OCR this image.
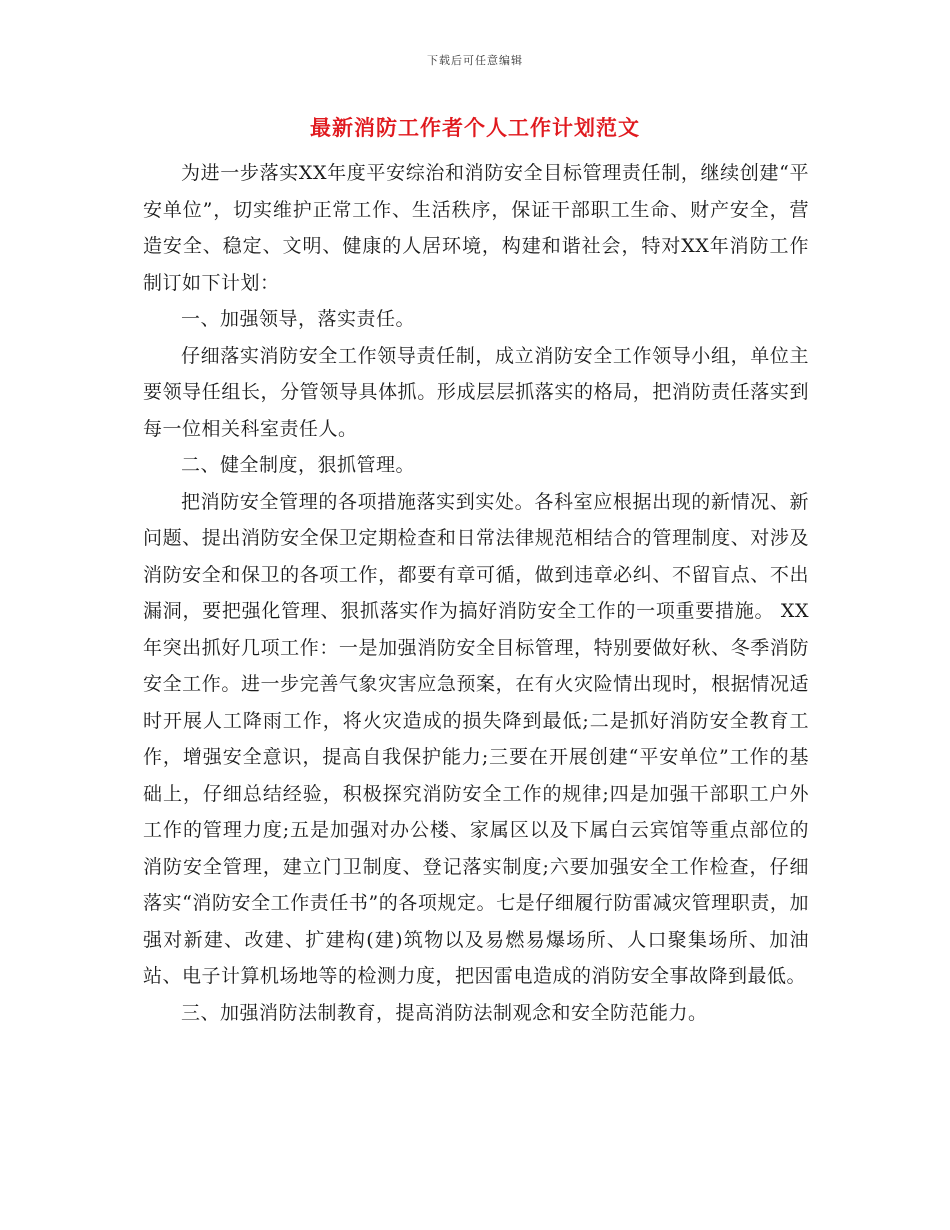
下载后可任意编辑
最新消防工作者个人工作计划范文

为进一步落实XX年度平安综治和消防安全目标管理责任制，继续创建“平安单位”，切实维护正常工作、生活秩序，保证干部职工生命、财产安全，营造安全、稳定、文明、健康的人居环境，构建和谐社会，特对XX年消防工作制订如下计划：

一、加强领导，落实责任。

仔细落实消防安全工作领导责任制，成立消防安全工作领导小组，单位主要领导任组长，分管领导具体抓。形成层层抓落实的格局，把消防责任落实到每一位相关科室责任人。

二、健全制度，狠抓管理。

把消防安全管理的各项措施落实到实处。各科室应根据出现的新情况、新问题、提出消防安全保卫定期检查和日常法律规范相结合的管理制度、对涉及消防安全和保卫的各项工作，都要有章可循，做到违章必纠、不留盲点、不出漏洞，要把强化管理、狠抓落实作为搞好消防安全工作的一项重要措施。 XX年突出抓好几项工作：一是加强消防安全目标管理，特别要做好秋、冬季消防安全工作。进一步完善气象灾害应急预案，在有火灾险情出现时，根据情况适时开展人工降雨工作，将火灾造成的损失降到最低;二是抓好消防安全教育工作，增强安全意识，提高自我保护能力;三要在开展创建“平安单位”工作的基础上，仔细总结经验，积极探究消防安全工作的规律;四是加强干部职工户外工作的管理力度;五是加强对办公楼、家属区以及下属白云宾馆等重点部位的消防安全管理，建立门卫制度、登记落实制度;六要加强安全工作检查，仔细落实“消防安全工作责任书”的各项规定。七是仔细履行防雷减灾管理职责，加强对新建、改建、扩建构(建)筑物以及易燃易爆场所、人口聚集场所、加油站、电子计算机场地等的检测力度，把因雷电造成的消防安全事故降到最低。

三、加强消防法制教育，提高消防法制观念和安全防范能力。
